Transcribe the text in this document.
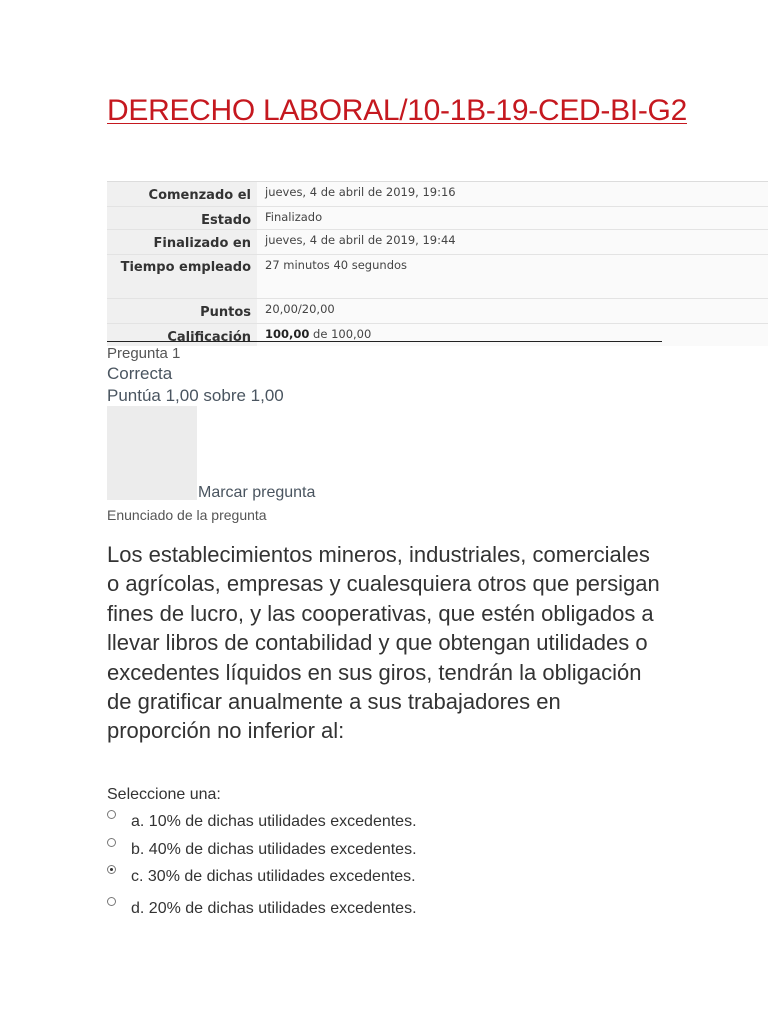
DERECHO LABORAL/10-1B-19-CED-BI-G2
Comenzado el	jueves, 4 de abril de 2019, 19:16
Estado	Finalizado
Finalizado en	jueves, 4 de abril de 2019, 19:44
Tiempo empleado	27 minutos 40 segundos
Puntos	20,00/20,00
Calificación	100,00 de 100,00
Pregunta 1
Correcta
Puntúa 1,00 sobre 1,00
Marcar pregunta
Enunciado de la pregunta
Los establecimientos mineros, industriales, comerciales o agrícolas, empresas y cualesquiera otros que persigan fines de lucro, y las cooperativas, que estén obligados a llevar libros de contabilidad y que obtengan utilidades o excedentes líquidos en sus giros, tendrán la obligación de gratificar anualmente a sus trabajadores en proporción no inferior al:
Seleccione una:
a. 10% de dichas utilidades excedentes.
b. 40% de dichas utilidades excedentes.
c. 30% de dichas utilidades excedentes.
d. 20% de dichas utilidades excedentes.
